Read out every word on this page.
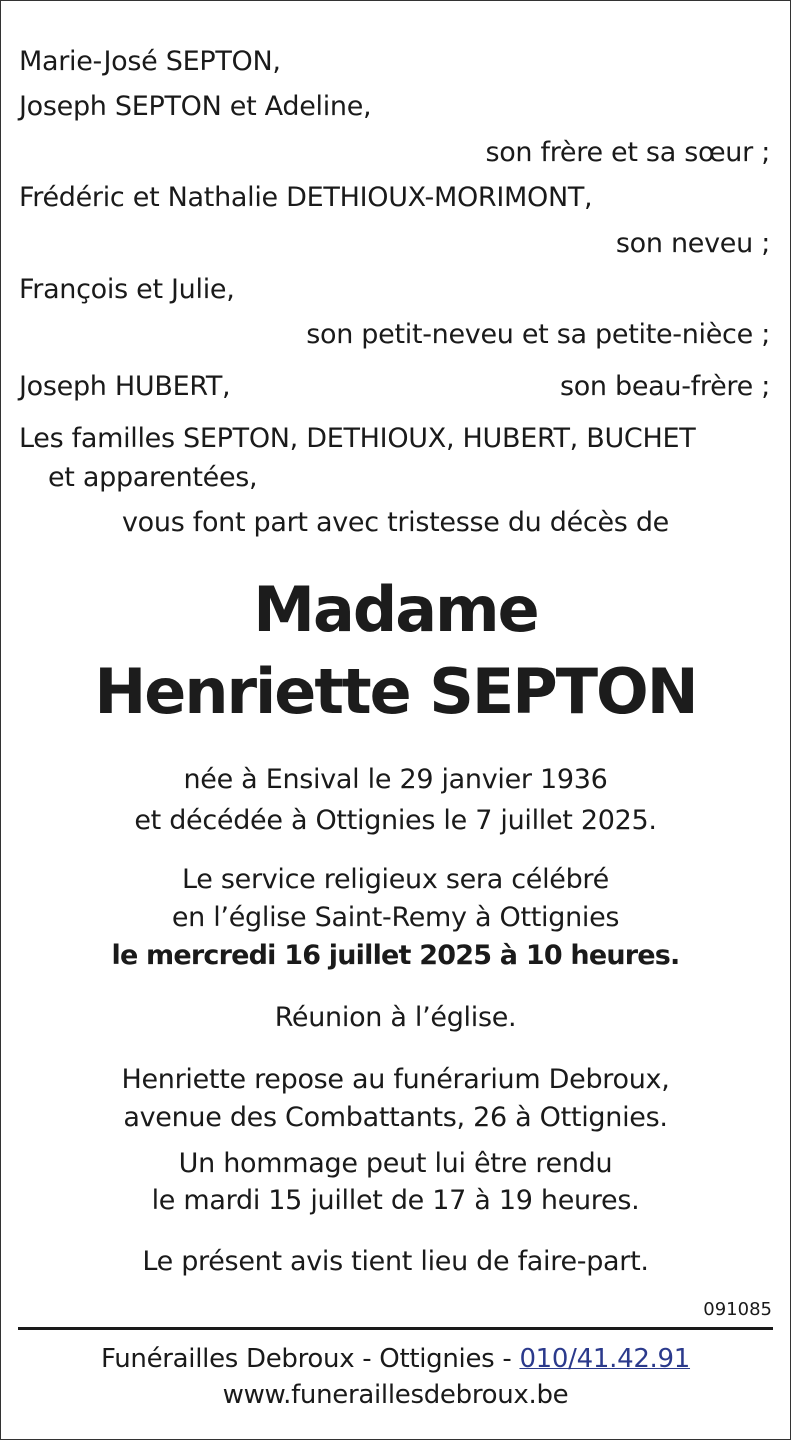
Marie-José SEPTON,
Joseph SEPTON et Adeline,
son frère et sa sœur ;
Frédéric et Nathalie DETHIOUX-MORIMONT,
son neveu ;
François et Julie,
son petit-neveu et sa petite-nièce ;
Joseph HUBERT,	son beau-frère ;
Les familles SEPTON, DETHIOUX, HUBERT, BUCHET
et apparentées,
vous font part avec tristesse du décès de
Madame
Henriette SEPTON
née à Ensival le 29 janvier 1936
et décédée à Ottignies le 7 juillet 2025.
Le service religieux sera célébré
en l’église Saint-Remy à Ottignies
le mercredi 16 juillet 2025 à 10 heures.
Réunion à l’église.
Henriette repose au funérarium Debroux,
avenue des Combattants, 26 à Ottignies.
Un hommage peut lui être rendu
le mardi 15 juillet de 17 à 19 heures.
Le présent avis tient lieu de faire-part.
091085
Funérailles Debroux - Ottignies - 010/41.42.91
www.funeraillesdebroux.be
